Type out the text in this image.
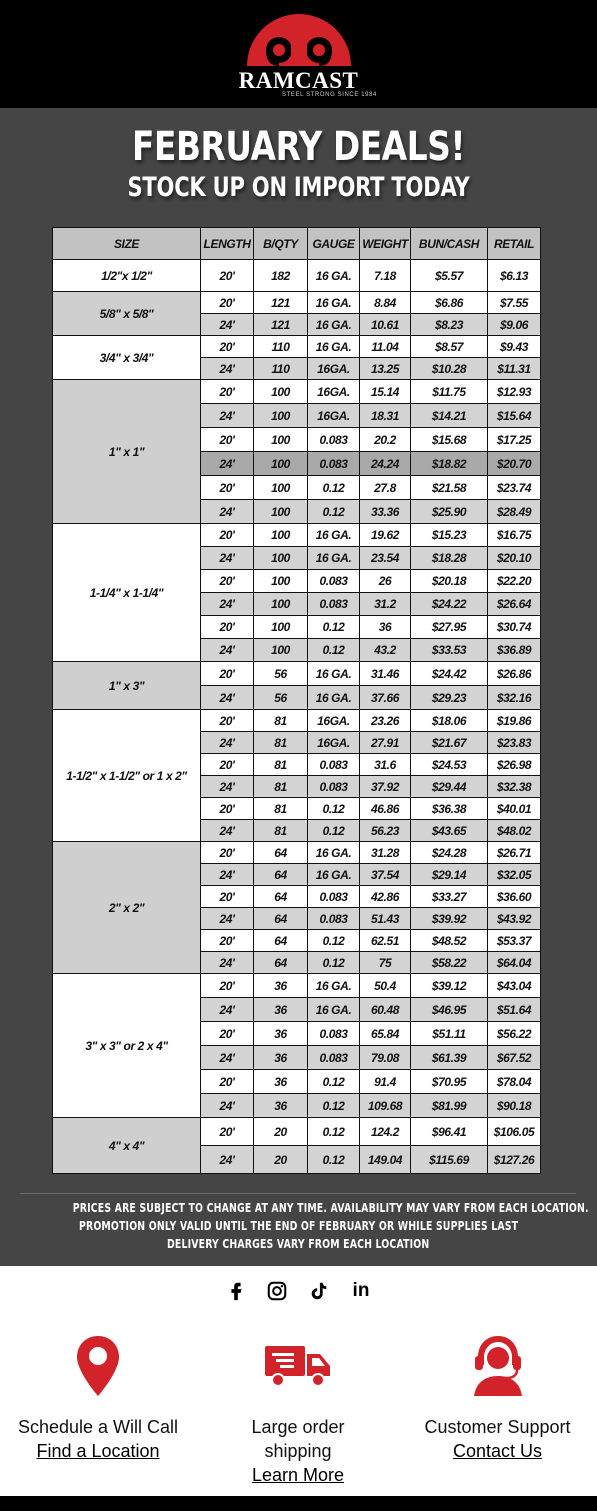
RAMCAST
STEEL STRONG SINCE 1984
FEBRUARY DEALS!
STOCK UP ON IMPORT TODAY
SIZE	LENGTH	B/QTY	GAUGE	WEIGHT	BUN/CASH	RETAIL
1/2"x 1/2"	20'	182	16 GA.	7.18	$5.57	$6.13
5/8" x 5/8"	20'	121	16 GA.	8.84	$6.86	$7.55
	24'	121	16 GA.	10.61	$8.23	$9.06
3/4" x 3/4"	20'	110	16 GA.	11.04	$8.57	$9.43
	24'	110	16GA.	13.25	$10.28	$11.31
1" x 1"	20'	100	16GA.	15.14	$11.75	$12.93
	24'	100	16GA.	18.31	$14.21	$15.64
	20'	100	0.083	20.2	$15.68	$17.25
	24'	100	0.083	24.24	$18.82	$20.70
	20'	100	0.12	27.8	$21.58	$23.74
	24'	100	0.12	33.36	$25.90	$28.49
1-1/4" x 1-1/4"	20'	100	16 GA.	19.62	$15.23	$16.75
	24'	100	16 GA.	23.54	$18.28	$20.10
	20'	100	0.083	26	$20.18	$22.20
	24'	100	0.083	31.2	$24.22	$26.64
	20'	100	0.12	36	$27.95	$30.74
	24'	100	0.12	43.2	$33.53	$36.89
1" x 3"	20'	56	16 GA.	31.46	$24.42	$26.86
	24'	56	16 GA.	37.66	$29.23	$32.16
1-1/2" x 1-1/2" or 1 x 2"	20'	81	16GA.	23.26	$18.06	$19.86
	24'	81	16GA.	27.91	$21.67	$23.83
	20'	81	0.083	31.6	$24.53	$26.98
	24'	81	0.083	37.92	$29.44	$32.38
	20'	81	0.12	46.86	$36.38	$40.01
	24'	81	0.12	56.23	$43.65	$48.02
2" x 2"	20'	64	16 GA.	31.28	$24.28	$26.71
	24'	64	16 GA.	37.54	$29.14	$32.05
	20'	64	0.083	42.86	$33.27	$36.60
	24'	64	0.083	51.43	$39.92	$43.92
	20'	64	0.12	62.51	$48.52	$53.37
	24'	64	0.12	75	$58.22	$64.04
3" x 3" or 2 x 4"	20'	36	16 GA.	50.4	$39.12	$43.04
	24'	36	16 GA.	60.48	$46.95	$51.64
	20'	36	0.083	65.84	$51.11	$56.22
	24'	36	0.083	79.08	$61.39	$67.52
	20'	36	0.12	91.4	$70.95	$78.04
	24'	36	0.12	109.68	$81.99	$90.18
4" x 4"	20'	20	0.12	124.2	$96.41	$106.05
	24'	20	0.12	149.04	$115.69	$127.26
PRICES ARE SUBJECT TO CHANGE AT ANY TIME. AVAILABILITY MAY VARY FROM EACH LOCATION.
PROMOTION ONLY VALID UNTIL THE END OF FEBRUARY OR WHILE SUPPLIES LAST
DELIVERY CHARGES VARY FROM EACH LOCATION
in
Schedule a Will Call
Find a Location
Large order
shipping
Learn More
Customer Support
Contact Us
